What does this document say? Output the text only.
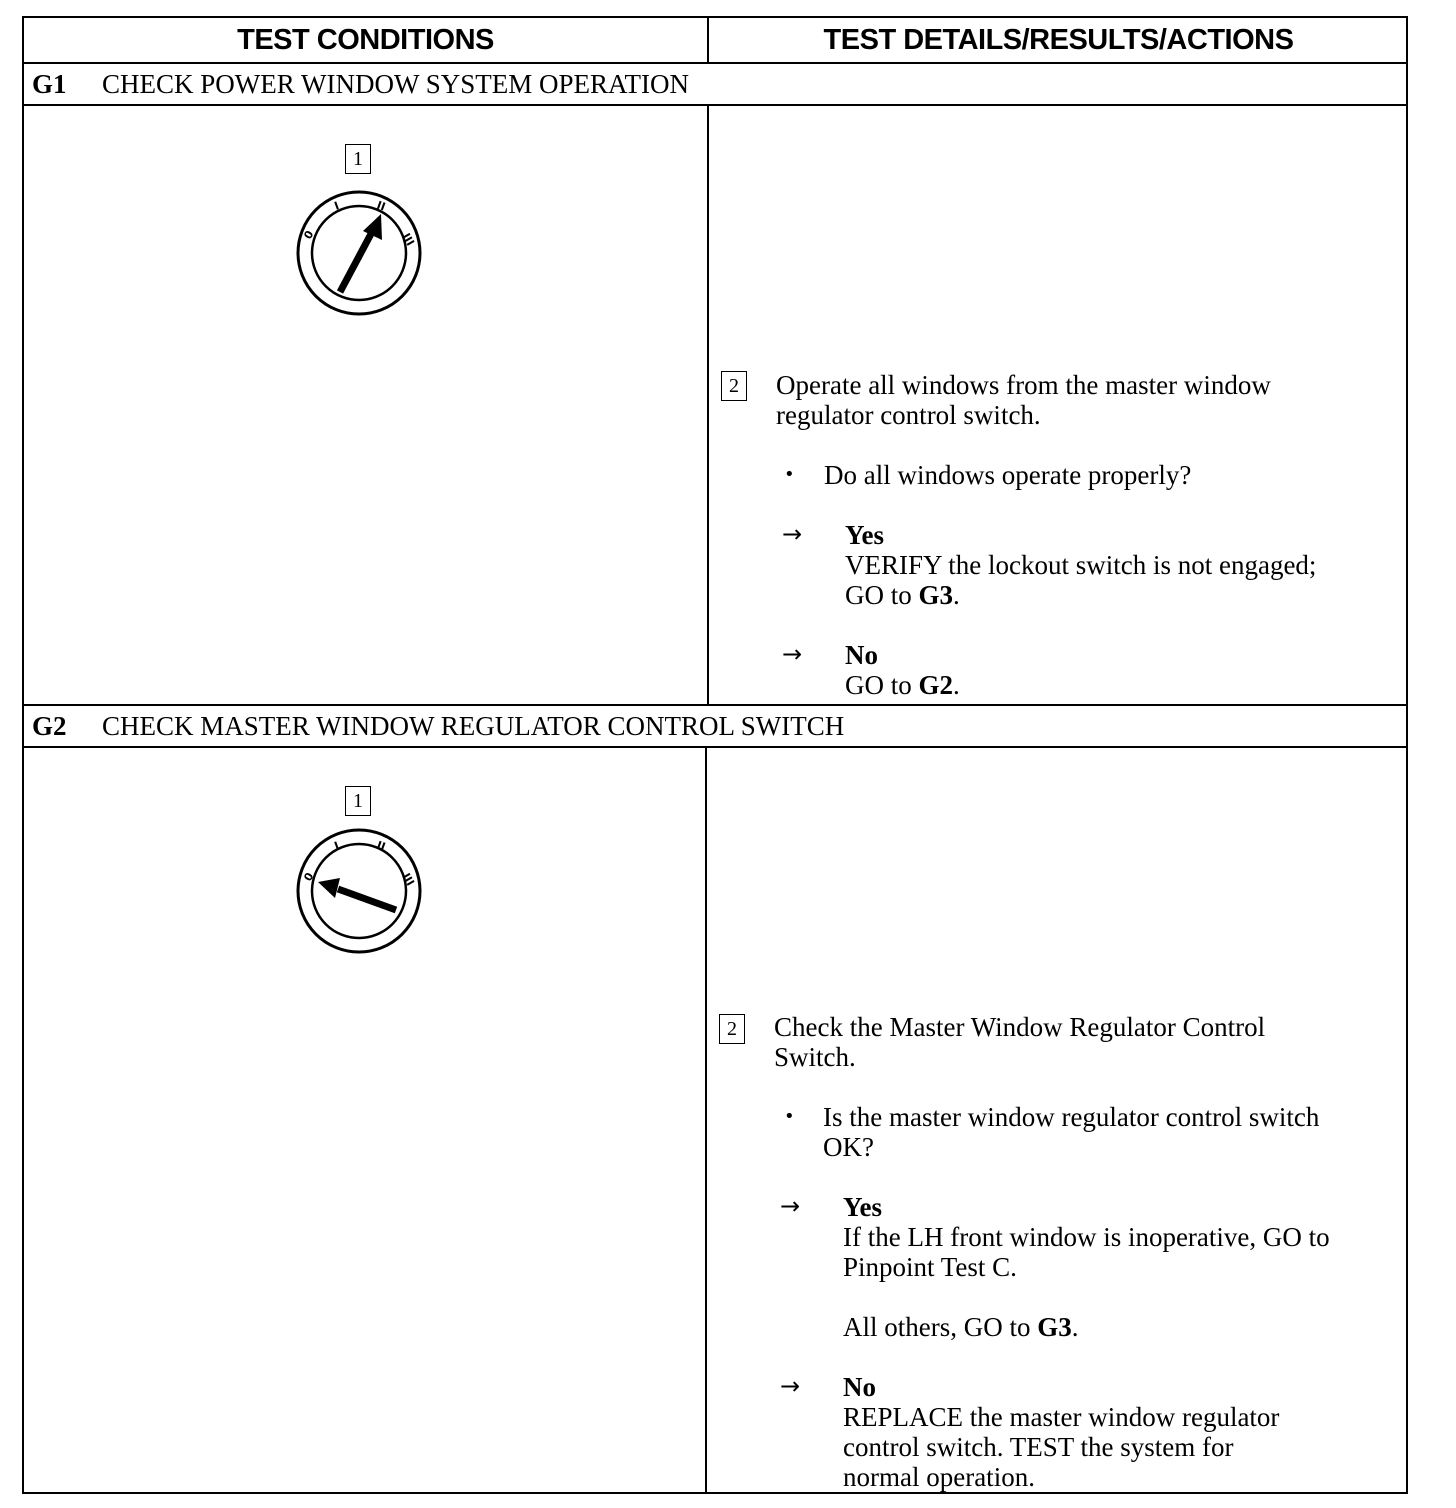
TEST CONDITIONS	TEST DETAILS/RESULTS/ACTIONS
G1	CHECK POWER WINDOW SYSTEM OPERATION
1
0
I	II
III
2 Operate all windows from the master window
regulator control switch.
• Do all windows operate properly?
→ Yes
VERIFY the lockout switch is not engaged;
GO to G3.
→ No
GO to G2.
G2	CHECK MASTER WINDOW REGULATOR CONTROL SWITCH
1
0
I	II
III
2 Check the Master Window Regulator Control
Switch.
• Is the master window regulator control switch
OK?
→ Yes
If the LH front window is inoperative, GO to
Pinpoint Test C.
All others, GO to G3.
→ No
REPLACE the master window regulator
control switch. TEST the system for
normal operation.
